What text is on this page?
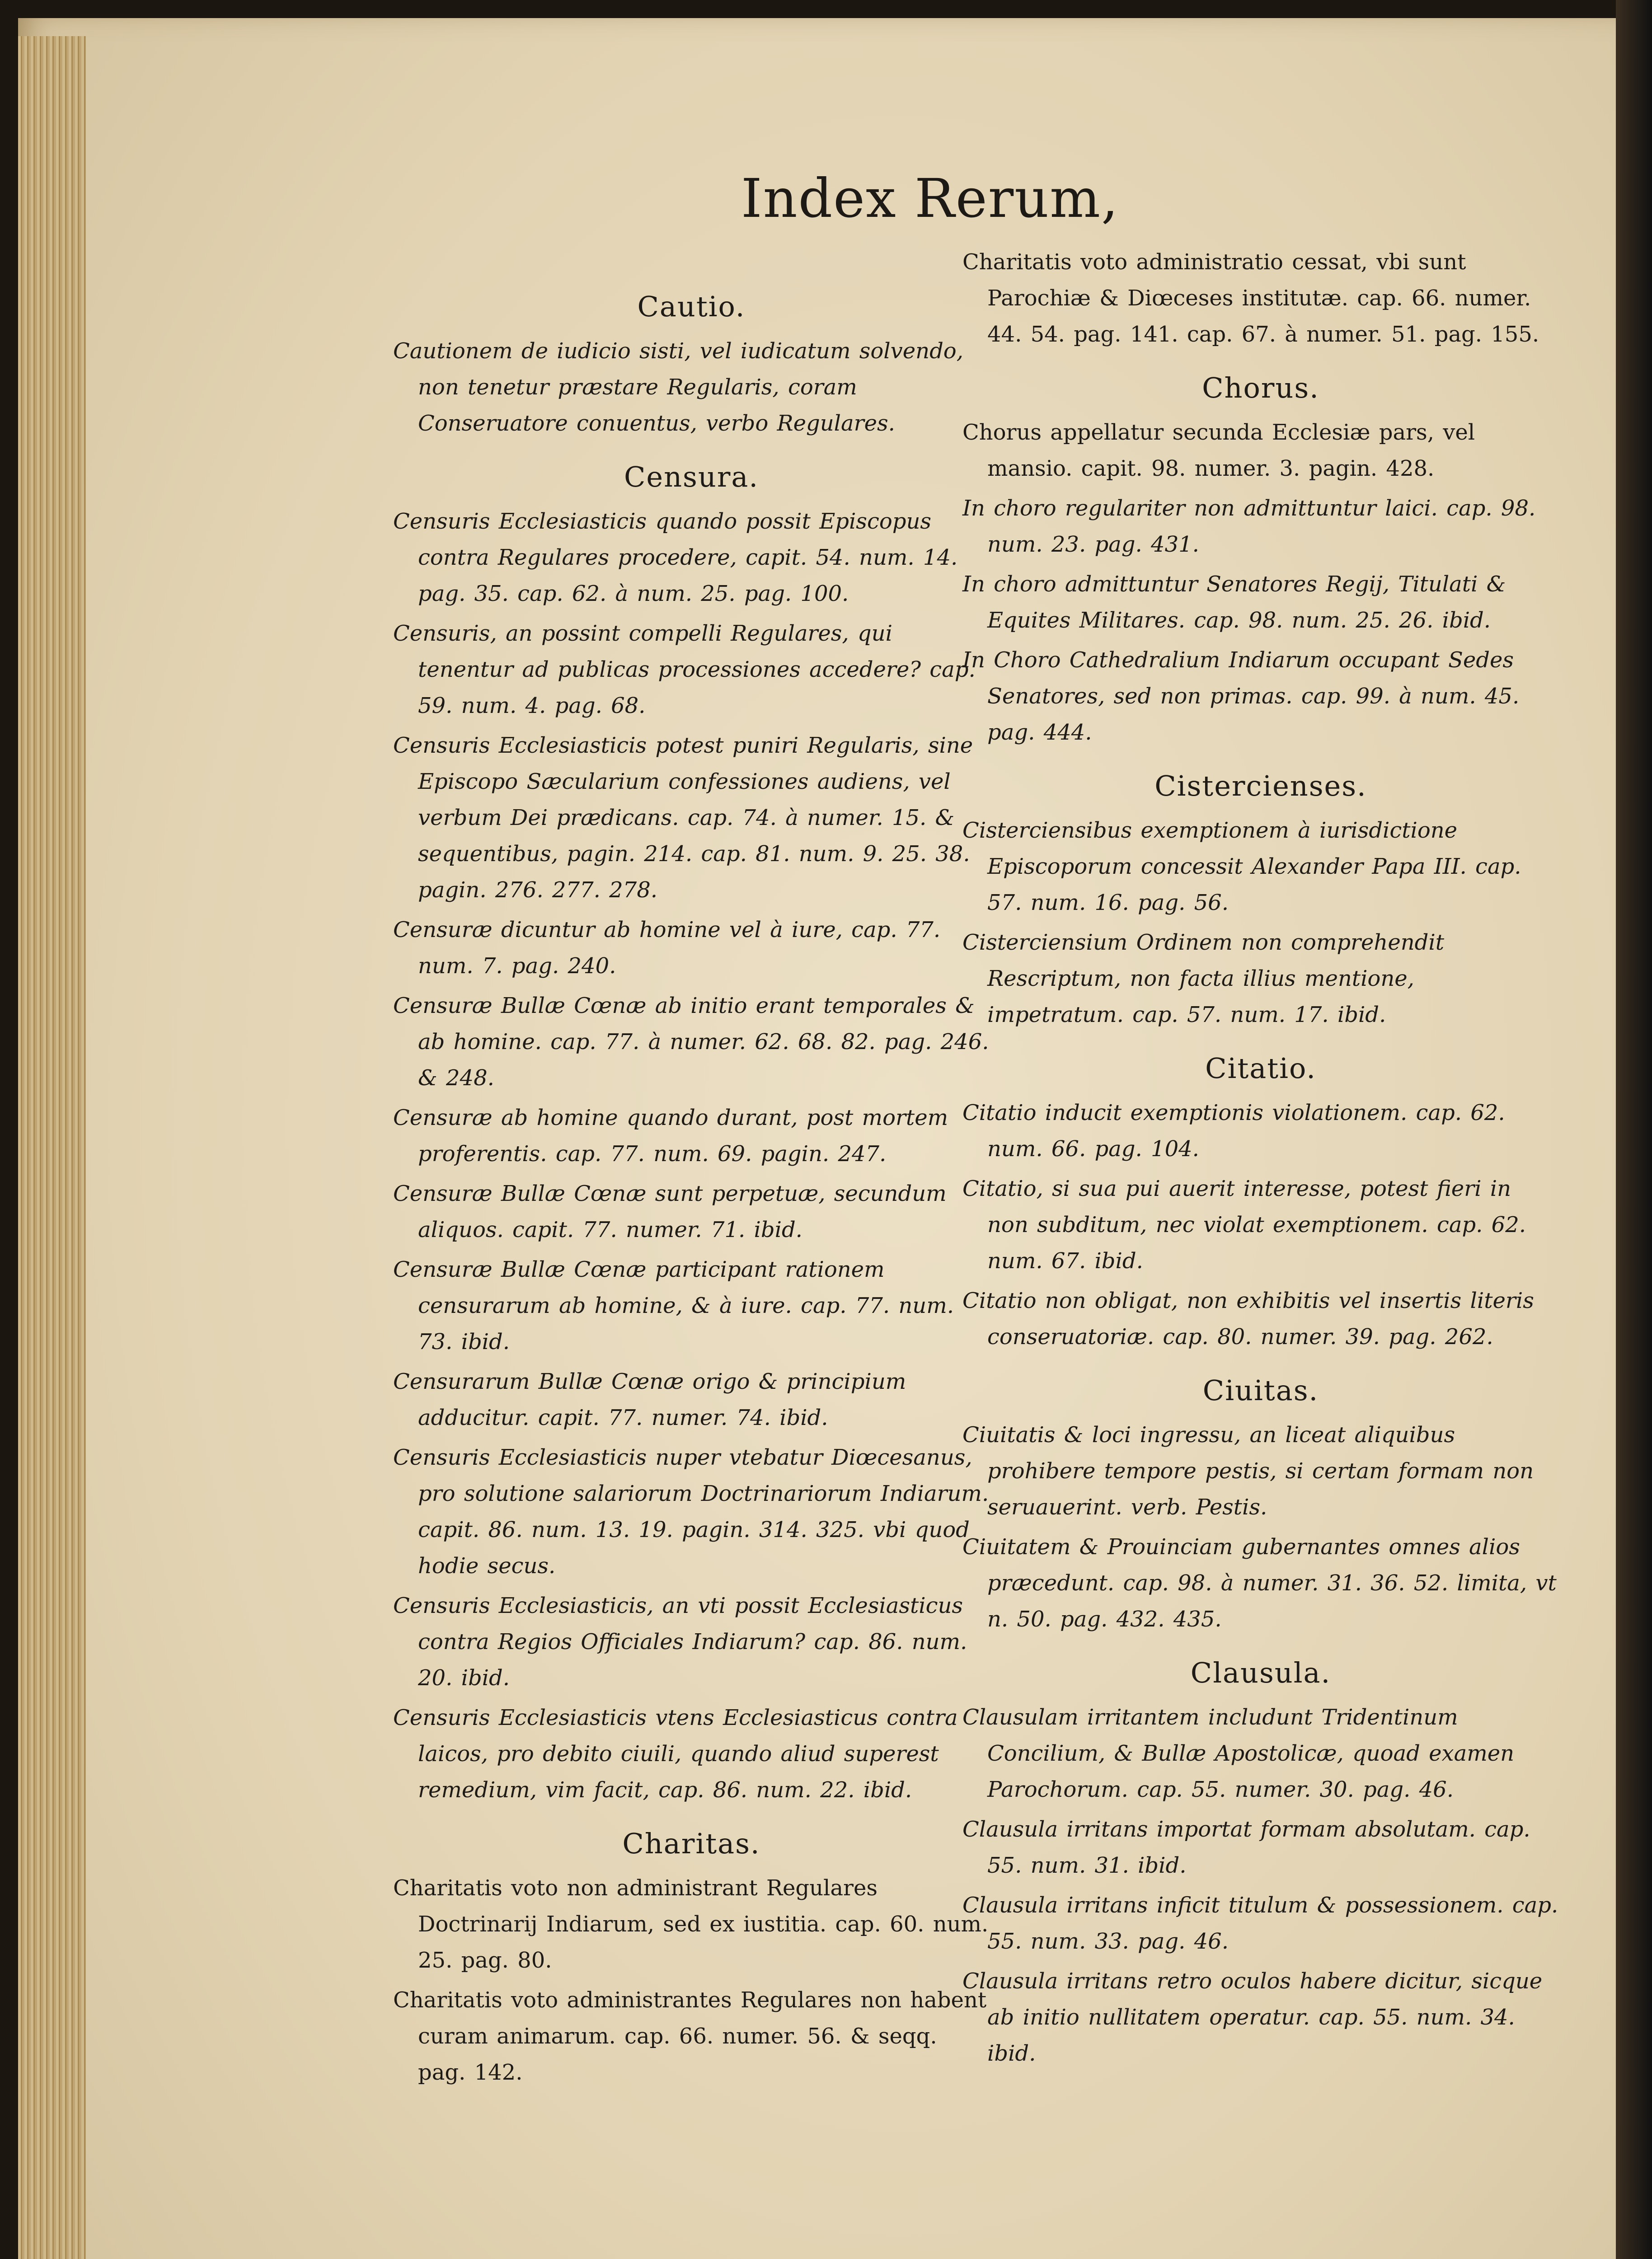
Index Rerum,
Cautio.

Cautionem de iudicio sisti, vel iudicatum solvendo, non tenetur præstare Regularis, coram Conseruatore conuentus, verbo Regulares.

Censura.

Censuris Ecclesiasticis quando possit Episcopus contra Regulares procedere, capit. 54. num. 14. pag. 35. cap. 62. à num. 25. pag. 100.

Censuris, an possint compelli Regulares, qui tenentur ad publicas processiones accedere? cap. 59. num. 4. pag. 68.

Censuris Ecclesiasticis potest puniri Regularis, sine Episcopo Sæcularium confessiones audiens, vel verbum Dei prædicans. cap. 74. à numer. 15. & sequentibus, pagin. 214. cap. 81. num. 9. 25. 38. pagin. 276. 277. 278.

Censuræ dicuntur ab homine vel à iure, cap. 77. num. 7. pag. 240.

Censuræ Bullæ Cœnæ ab initio erant temporales & ab homine. cap. 77. à numer. 62. 68. 82. pag. 246. & 248.

Censuræ ab homine quando durant, post mortem proferentis. cap. 77. num. 69. pagin. 247.

Censuræ Bullæ Cœnæ sunt perpetuæ, secundum aliquos. capit. 77. numer. 71. ibid.

Censuræ Bullæ Cœnæ participant rationem censurarum ab homine, & à iure. cap. 77. num. 73. ibid.

Censurarum Bullæ Cœnæ origo & principium adducitur. capit. 77. numer. 74. ibid.

Censuris Ecclesiasticis nuper vtebatur Diœcesanus, pro solutione salariorum Doctrinariorum Indiarum. capit. 86. num. 13. 19. pagin. 314. 325. vbi quod hodie secus.

Censuris Ecclesiasticis, an vti possit Ecclesiasticus contra Regios Officiales Indiarum? cap. 86. num. 20. ibid.

Censuris Ecclesiasticis vtens Ecclesiasticus contra laicos, pro debito ciuili, quando aliud superest remedium, vim facit, cap. 86. num. 22. ibid.

Charitas.

Charitatis voto non administrant Regulares Doctrinarij Indiarum, sed ex iustitia. cap. 60. num. 25. pag. 80.

Charitatis voto administrantes Regulares non habent curam animarum. cap. 66. numer. 56. & seqq. pag. 142.

Charitatis voto administratio cessat, vbi sunt Parochiæ & Diœceses institutæ. cap. 66. numer. 44. 54. pag. 141. cap. 67. à numer. 51. pag. 155.

Chorus.

Chorus appellatur secunda Ecclesiæ pars, vel mansio. capit. 98. numer. 3. pagin. 428.

In choro regulariter non admittuntur laici. cap. 98. num. 23. pag. 431.

In choro admittuntur Senatores Regij, Titulati & Equites Militares. cap. 98. num. 25. 26. ibid.

In Choro Cathedralium Indiarum occupant Sedes Senatores, sed non primas. cap. 99. à num. 45. pag. 444.

Cistercienses.

Cisterciensibus exemptionem à iurisdictione Episcoporum concessit Alexander Papa III. cap. 57. num. 16. pag. 56.

Cisterciensium Ordinem non comprehendit Rescriptum, non facta illius mentione, impetratum. cap. 57. num. 17. ibid.

Citatio.

Citatio inducit exemptionis violationem. cap. 62. num. 66. pag. 104.

Citatio, si sua pui auerit interesse, potest fieri in non subditum, nec violat exemptionem. cap. 62. num. 67. ibid.

Citatio non obligat, non exhibitis vel insertis literis conseruatoriæ. cap. 80. numer. 39. pag. 262.

Ciuitas.

Ciuitatis & loci ingressu, an liceat aliquibus prohibere tempore pestis, si certam formam non seruauerint. verb. Pestis.

Ciuitatem & Prouinciam gubernantes omnes alios præcedunt. cap. 98. à numer. 31. 36. 52. limita, vt n. 50. pag. 432. 435.

Clausula.

Clausulam irritantem includunt Tridentinum Concilium, & Bullæ Apostolicæ, quoad examen Parochorum. cap. 55. numer. 30. pag. 46.

Clausula irritans importat formam absolutam. cap. 55. num. 31. ibid.

Clausula irritans inficit titulum & possessionem. cap. 55. num. 33. pag. 46.

Clausula irritans retro oculos habere dicitur, sicque ab initio nullitatem operatur. cap. 55. num. 34. ibid.
